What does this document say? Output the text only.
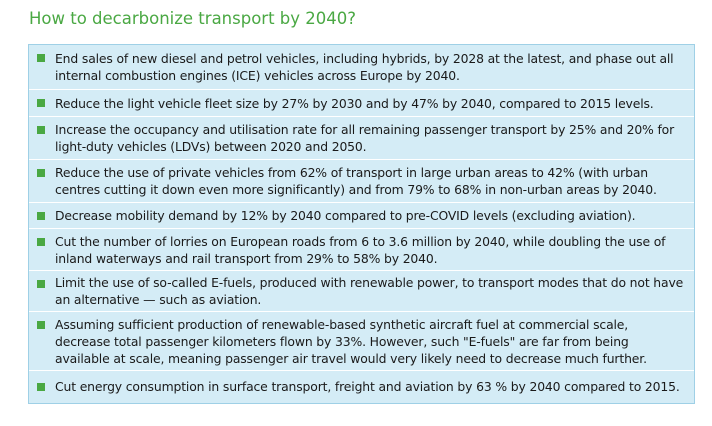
How to decarbonize transport by 2040?
End sales of new diesel and petrol vehicles, including hybrids, by 2028 at the latest, and phase out all internal combustion engines (ICE) vehicles across Europe by 2040.
Reduce the light vehicle fleet size by 27% by 2030 and by 47% by 2040, compared to 2015 levels.
Increase the occupancy and utilisation rate for all remaining passenger transport by 25% and 20% for light-duty vehicles (LDVs) between 2020 and 2050.
Reduce the use of private vehicles from 62% of transport in large urban areas to 42% (with urban centres cutting it down even more significantly) and from 79% to 68% in non-urban areas by 2040.
Decrease mobility demand by 12% by 2040 compared to pre-COVID levels (excluding aviation).
Cut the number of lorries on European roads from 6 to 3.6 million by 2040, while doubling the use of inland waterways and rail transport from 29% to 58% by 2040.
Limit the use of so-called E-fuels, produced with renewable power, to transport modes that do not have an alternative — such as aviation.
Assuming sufficient production of renewable-based synthetic aircraft fuel at commercial scale, decrease total passenger kilometers flown by 33%. However, such "E-fuels" are far from being available at scale, meaning passenger air travel would very likely need to decrease much further.
Cut energy consumption in surface transport, freight and aviation by 63 % by 2040 compared to 2015.
